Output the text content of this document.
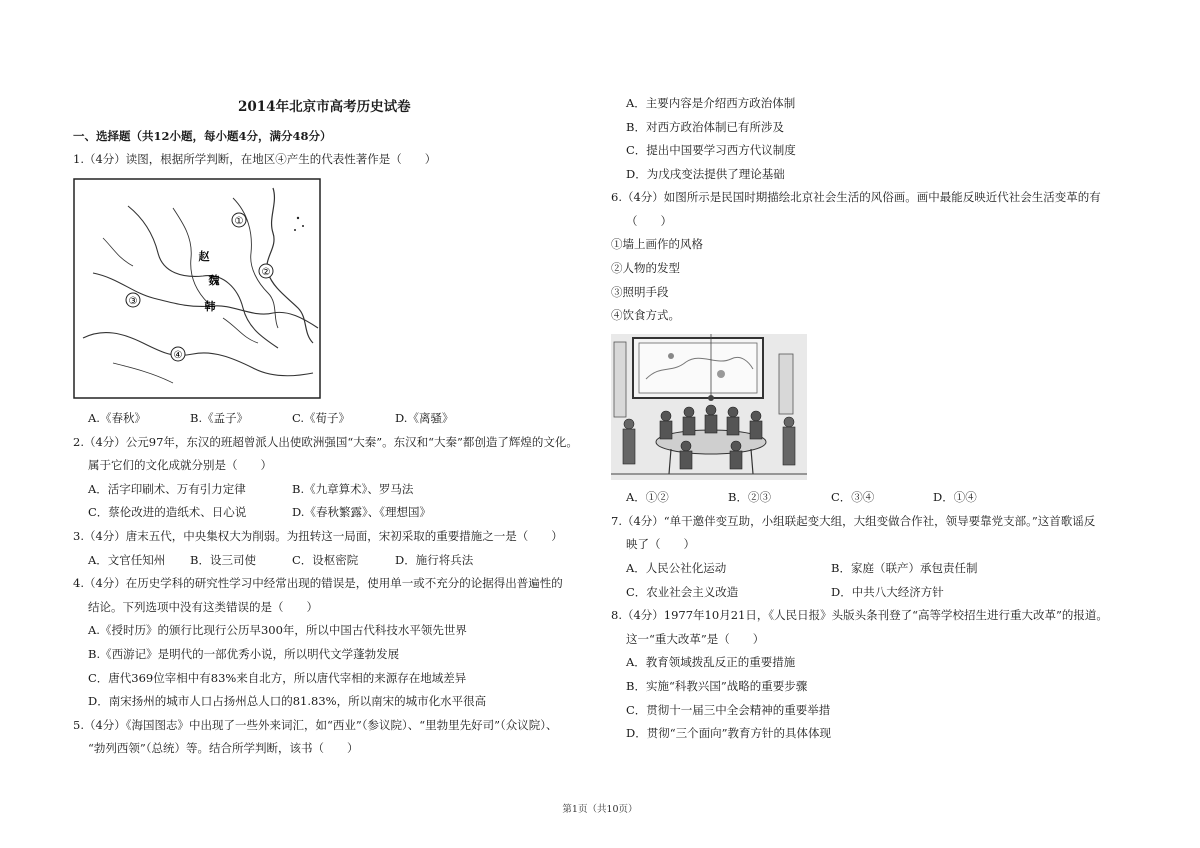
2014年北京市高考历史试卷
一、选择题（共12小题，每小题4分，满分48分）
1.（4分）读图，根据所学判断，在地区④产生的代表性著作是（　　）
①
②
③
④
赵
魏
韩
A.《春秋》	B.《孟子》	C.《荀子》	D.《离骚》
2.（4分）公元97年，东汉的班超曾派人出使欧洲强国“大秦”。东汉和“大秦”都创造了辉煌的文化。
属于它们的文化成就分别是（　　）
A．活字印刷术、万有引力定律	B.《九章算术》、罗马法
C．蔡伦改进的造纸术、日心说	D.《春秋繁露》、《理想国》
3.（4分）唐末五代，中央集权大为削弱。为扭转这一局面，宋初采取的重要措施之一是（　　）
A．文官任知州 B．设三司使	C．设枢密院	D．施行将兵法
4.（4分）在历史学科的研究性学习中经常出现的错误是，使用单一或不充分的论据得出普遍性的
结论。下列选项中没有这类错误的是（　　）
A.《授时历》的颁行比现行公历早300年，所以中国古代科技水平领先世界
B.《西游记》是明代的一部优秀小说，所以明代文学蓬勃发展
C．唐代369位宰相中有83%来自北方，所以唐代宰相的来源存在地域差异
D．南宋扬州的城市人口占扬州总人口的81.83%，所以南宋的城市化水平很高
5.（4分）《海国图志》中出现了一些外来词汇，如“西业”（参议院）、“里勃里先好司”（众议院）、
“勃列西领”（总统）等。结合所学判断，该书（　　）
A．主要内容是介绍西方政治体制
B．对西方政治体制已有所涉及
C．提出中国要学习西方代议制度
D．为戊戌变法提供了理论基础
6.（4分）如图所示是民国时期描绘北京社会生活的风俗画。画中最能反映近代社会生活变革的有
（　　）
①墙上画作的风格
②人物的发型
③照明手段
④饮食方式。
A．①②	B．②③	C．③④	D．①④
7.（4分）“单干邀伴变互助，小组联起变大组，大组变做合作社，领导要靠党支部。”这首歌谣反
映了（　　）
A．人民公社化运动	B．家庭（联产）承包责任制
C．农业社会主义改造	D．中共八大经济方针
8.（4分）1977年10月21日，《人民日报》头版头条刊登了“高等学校招生进行重大改革”的报道。
这一“重大改革”是（　　）
A．教育领域拨乱反正的重要措施
B．实施“科教兴国”战略的重要步骤
C．贯彻十一届三中全会精神的重要举措
D．贯彻“三个面向”教育方针的具体体现
第1页（共10页）
